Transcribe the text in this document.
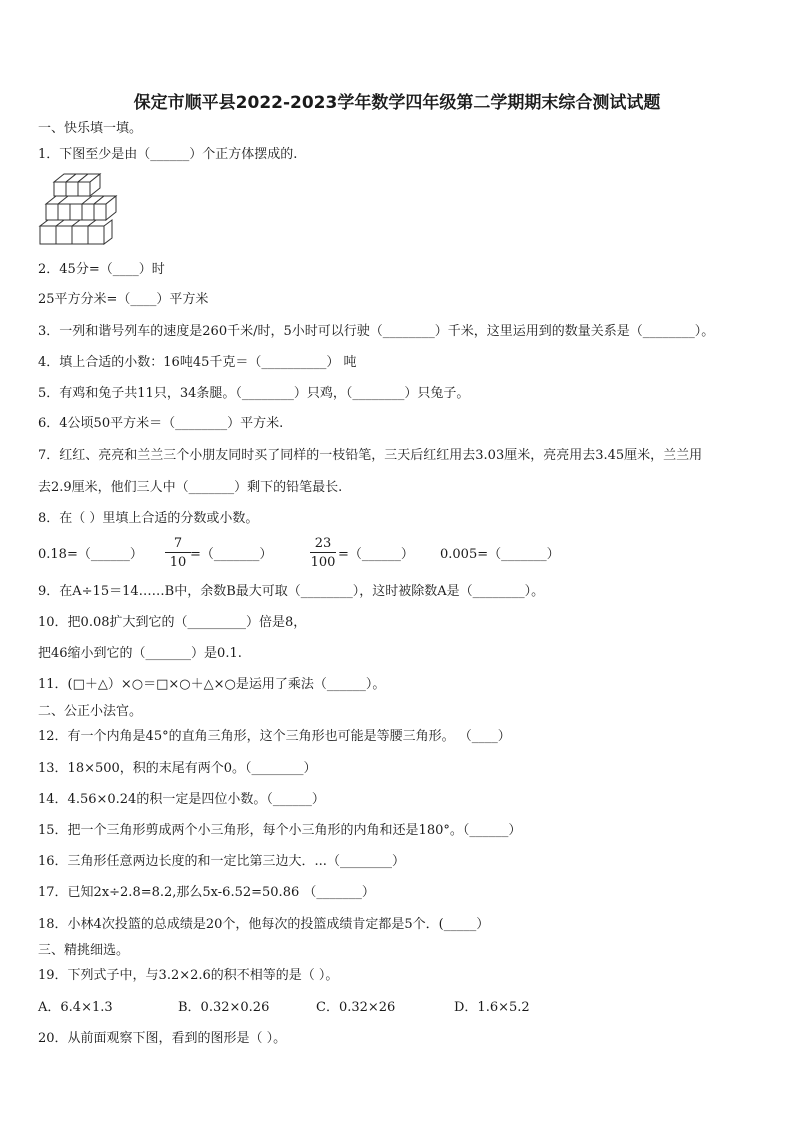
保定市顺平县2022-2023学年数学四年级第二学期期末综合测试试题
一、快乐填一填。
1．下图至少是由（______）个正方体摆成的.
2．45分=（____）时
25平方分米=（____）平方米
3．一列和谐号列车的速度是260千米/时，5小时可以行驶（________）千米，这里运用到的数量关系是（________）。
4．填上合适的小数：16吨45千克＝（__________） 吨
5．有鸡和兔子共11只，34条腿。（________）只鸡，（________）只兔子。
6．4公顷50平方米＝（________）平方米.
7．红红、亮亮和兰兰三个小朋友同时买了同样的一枝铅笔，三天后红红用去3.03厘米，亮亮用去3.45厘米，兰兰用
去2.9厘米，他们三人中（_______）剩下的铅笔最长.
8．在（ ）里填上合适的分数或小数。
0.18=（______） $\frac{7}{10}$ =（_______）	$\frac{23}{100}$ =（______） 0.005=（_______）
9．在A÷15＝14……B中，余数B最大可取（________），这时被除数A是（________）。
10．把0.08扩大到它的（_________）倍是8，
把46缩小到它的（_______）是0.1.
11．(□＋△）×○＝□×○＋△×○是运用了乘法（______）。
二、公正小法官。
12．有一个内角是45°的直角三角形，这个三角形也可能是等腰三角形。 （____）
13．18×500，积的末尾有两个0。（________）
14．4.56×0.24的积一定是四位小数。（______）
15．把一个三角形剪成两个小三角形，每个小三角形的内角和还是180°。（______）
16．三角形任意两边长度的和一定比第三边大．...（________）
17．已知2x÷2.8=8.2,那么5x-6.52=50.86 （_______）
18．小林4次投篮的总成绩是20个，他每次的投篮成绩肯定都是5个．(_____）
三、精挑细选。
19．下列式子中，与3.2×2.6的积不相等的是（ ）。
A．6.4×1.3	B．0.32×0.26	C．0.32×26	D．1.6×5.2
20．从前面观察下图，看到的图形是（ ）。
